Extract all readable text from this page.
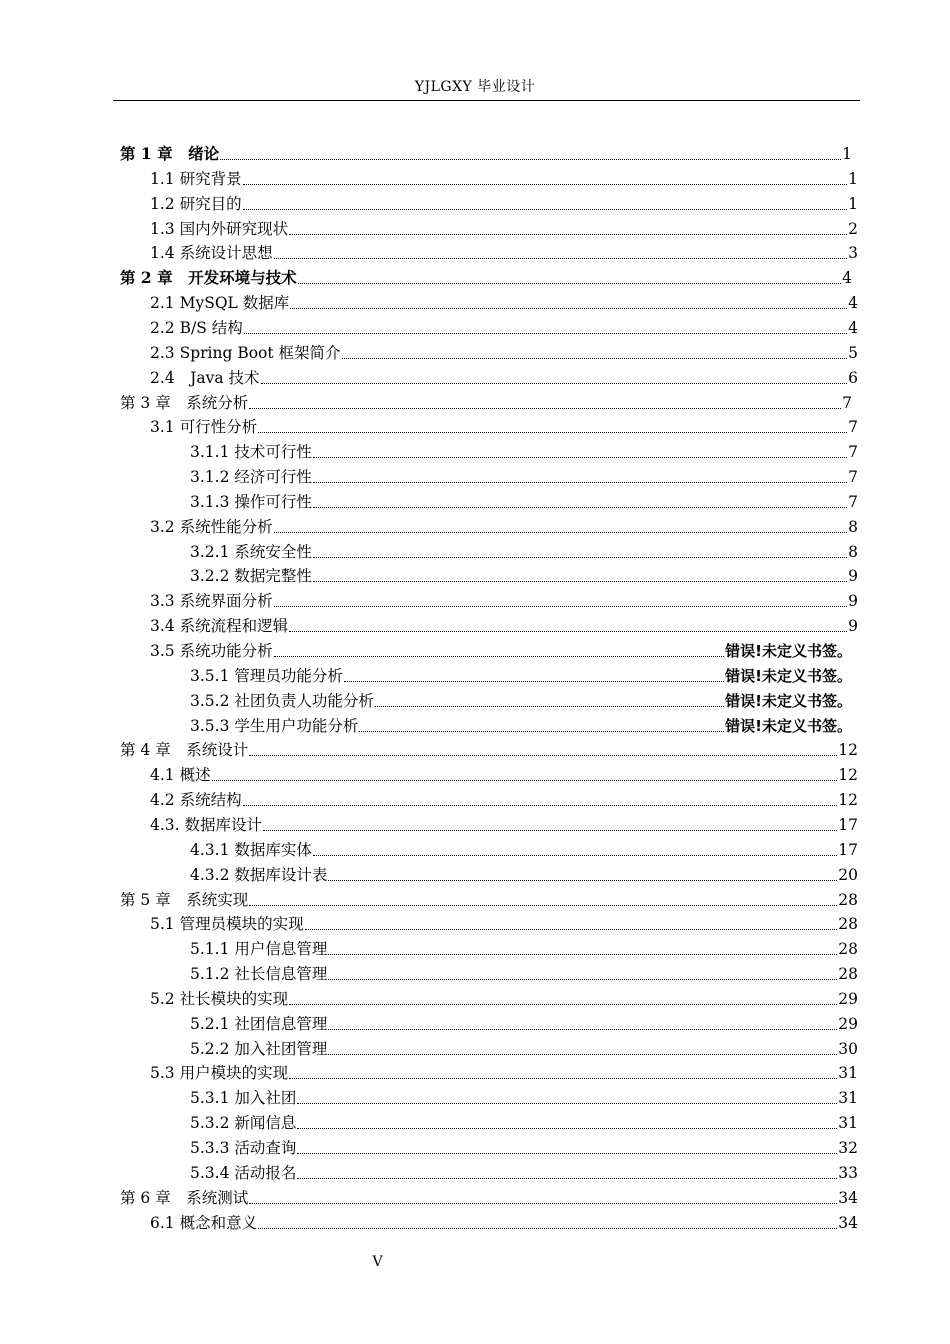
YJLGXY 毕业设计
第 1 章　绪论	1
1.1 研究背景	1
1.2 研究目的	1
1.3 国内外研究现状	2
1.4 系统设计思想	3
第 2 章　开发环境与技术	4
2.1 MySQL 数据库	4
2.2 B/S 结构	4
2.3 Spring Boot 框架简介	5
2.4　Java 技术	6
第 3 章　系统分析	7
3.1 可行性分析	7
3.1.1 技术可行性	7
3.1.2 经济可行性	7
3.1.3 操作可行性	7
3.2 系统性能分析	8
3.2.1 系统安全性	8
3.2.2 数据完整性	9
3.3 系统界面分析	9
3.4 系统流程和逻辑	9
3.5 系统功能分析	错误!未定义书签。
3.5.1 管理员功能分析	错误!未定义书签。
3.5.2 社团负责人功能分析	错误!未定义书签。
3.5.3 学生用户功能分析	错误!未定义书签。
第 4 章　系统设计	12
4.1 概述	12
4.2 系统结构	12
4.3. 数据库设计	17
4.3.1 数据库实体	17
4.3.2 数据库设计表	20
第 5 章　系统实现	28
5.1 管理员模块的实现	28
5.1.1 用户信息管理	28
5.1.2 社长信息管理	28
5.2 社长模块的实现	29
5.2.1 社团信息管理	29
5.2.2 加入社团管理	30
5.3 用户模块的实现	31
5.3.1 加入社团	31
5.3.2 新闻信息	31
5.3.3 活动查询	32
5.3.4 活动报名	33
第 6 章　系统测试	34
6.1 概念和意义	34
V
